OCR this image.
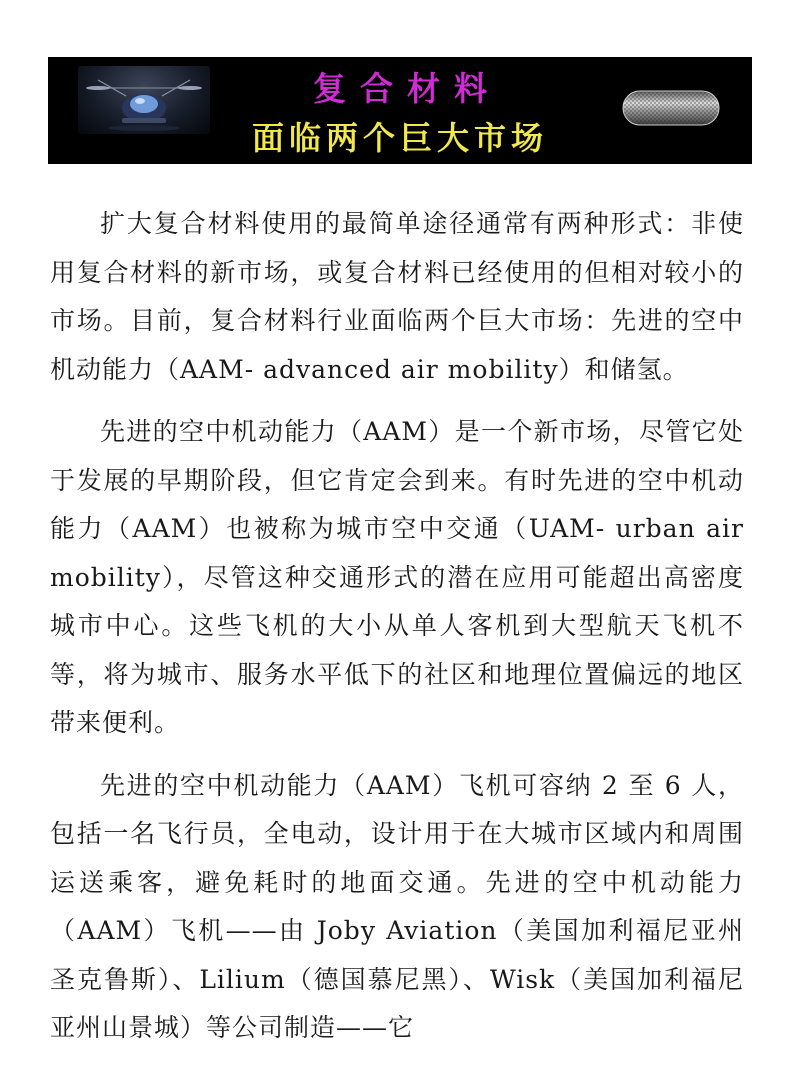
复合材料
面临两个巨大市场

扩大复合材料使用的最简单途径通常有两种形式：非使用复合材料的新市场，或复合材料已经使用的但相对较小的市场。目前，复合材料行业面临两个巨大市场：先进的空中机动能力（AAM- advanced air mobility）和储氢。

先进的空中机动能力（AAM）是一个新市场，尽管它处于发展的早期阶段，但它肯定会到来。有时先进的空中机动能力（AAM）也被称为城市空中交通（UAM- urban air mobility），尽管这种交通形式的潜在应用可能超出高密度城市中心。这些飞机的大小从单人客机到大型航天飞机不等，将为城市、服务水平低下的社区和地理位置偏远的地区带来便利。

先进的空中机动能力（AAM）飞机可容纳 2 至 6 人，包括一名飞行员，全电动，设计用于在大城市区域内和周围运送乘客，避免耗时的地面交通。先进的空中机动能力（AAM）飞机——由 Joby Aviation（美国加利福尼亚州圣克鲁斯）、Lilium（德国慕尼黑）、Wisk（美国加利福尼亚州山景城）等公司制造——它
